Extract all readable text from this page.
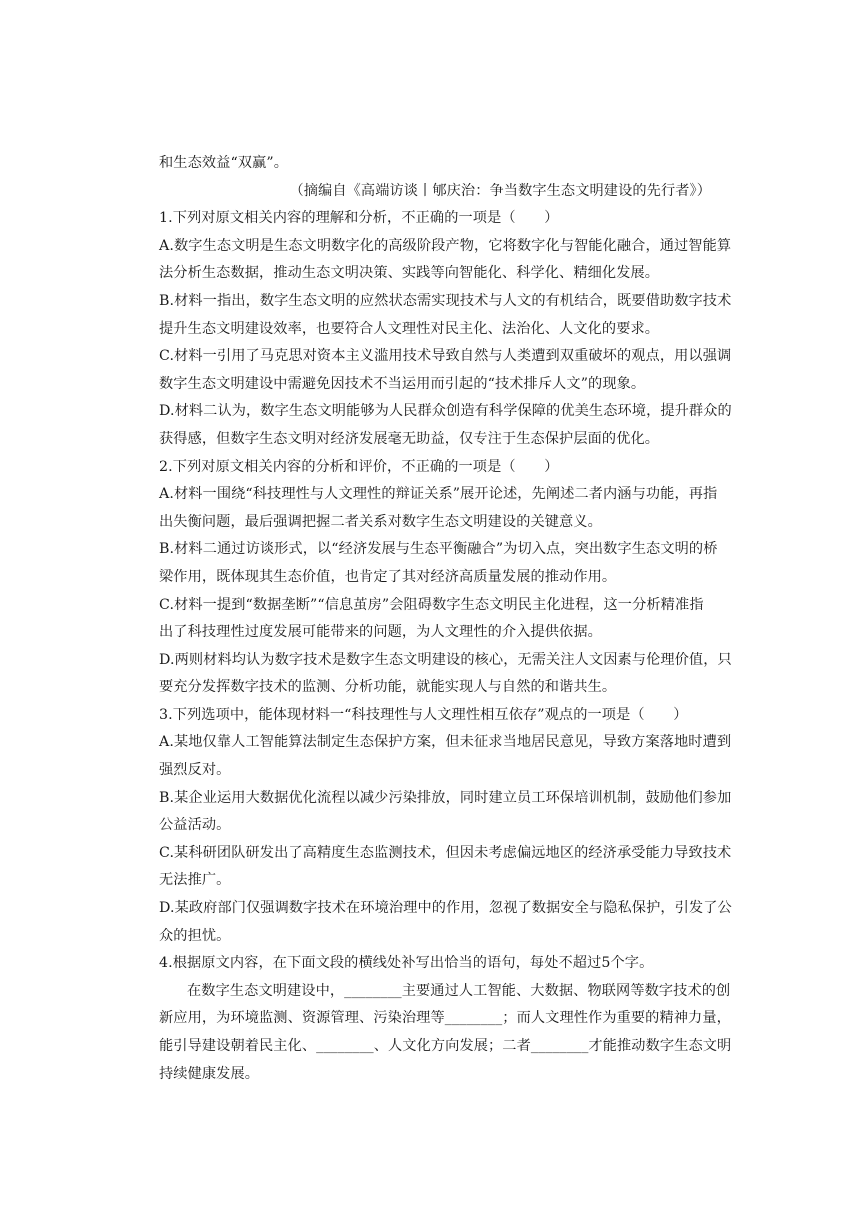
和生态效益“双赢”。
（摘编自《高端访谈丨郇庆治：争当数字生态文明建设的先行者》）
1.下列对原文相关内容的理解和分析，不正确的一项是（　　）
A.数字生态文明是生态文明数字化的高级阶段产物，它将数字化与智能化融合，通过智能算
法分析生态数据，推动生态文明决策、实践等向智能化、科学化、精细化发展。
B.材料一指出，数字生态文明的应然状态需实现技术与人文的有机结合，既要借助数字技术
提升生态文明建设效率，也要符合人文理性对民主化、法治化、人文化的要求。
C.材料一引用了马克思对资本主义滥用技术导致自然与人类遭到双重破坏的观点，用以强调
数字生态文明建设中需避免因技术不当运用而引起的“技术排斥人文”的现象。
D.材料二认为，数字生态文明能够为人民群众创造有科学保障的优美生态环境，提升群众的
获得感，但数字生态文明对经济发展毫无助益，仅专注于生态保护层面的优化。
2.下列对原文相关内容的分析和评价，不正确的一项是（　　）
A.材料一围绕“科技理性与人文理性的辩证关系”展开论述，先阐述二者内涵与功能，再指
出失衡问题，最后强调把握二者关系对数字生态文明建设的关键意义。
B.材料二通过访谈形式，以“经济发展与生态平衡融合”为切入点，突出数字生态文明的桥
梁作用，既体现其生态价值，也肯定了其对经济高质量发展的推动作用。
C.材料一提到“数据垄断”“信息茧房”会阻碍数字生态文明民主化进程，这一分析精准指
出了科技理性过度发展可能带来的问题，为人文理性的介入提供依据。
D.两则材料均认为数字技术是数字生态文明建设的核心，无需关注人文因素与伦理价值，只
要充分发挥数字技术的监测、分析功能，就能实现人与自然的和谐共生。
3.下列选项中，能体现材料一“科技理性与人文理性相互依存”观点的一项是（　　）
A.某地仅靠人工智能算法制定生态保护方案，但未征求当地居民意见，导致方案落地时遭到
强烈反对。
B.某企业运用大数据优化流程以减少污染排放，同时建立员工环保培训机制，鼓励他们参加
公益活动。
C.某科研团队研发出了高精度生态监测技术，但因未考虑偏远地区的经济承受能力导致技术
无法推广。
D.某政府部门仅强调数字技术在环境治理中的作用，忽视了数据安全与隐私保护，引发了公
众的担忧。
4.根据原文内容，在下面文段的横线处补写出恰当的语句，每处不超过5个字。
在数字生态文明建设中，________主要通过人工智能、大数据、物联网等数字技术的创
新应用，为环境监测、资源管理、污染治理等________；而人文理性作为重要的精神力量，
能引导建设朝着民主化、________、人文化方向发展；二者________才能推动数字生态文明
持续健康发展。
